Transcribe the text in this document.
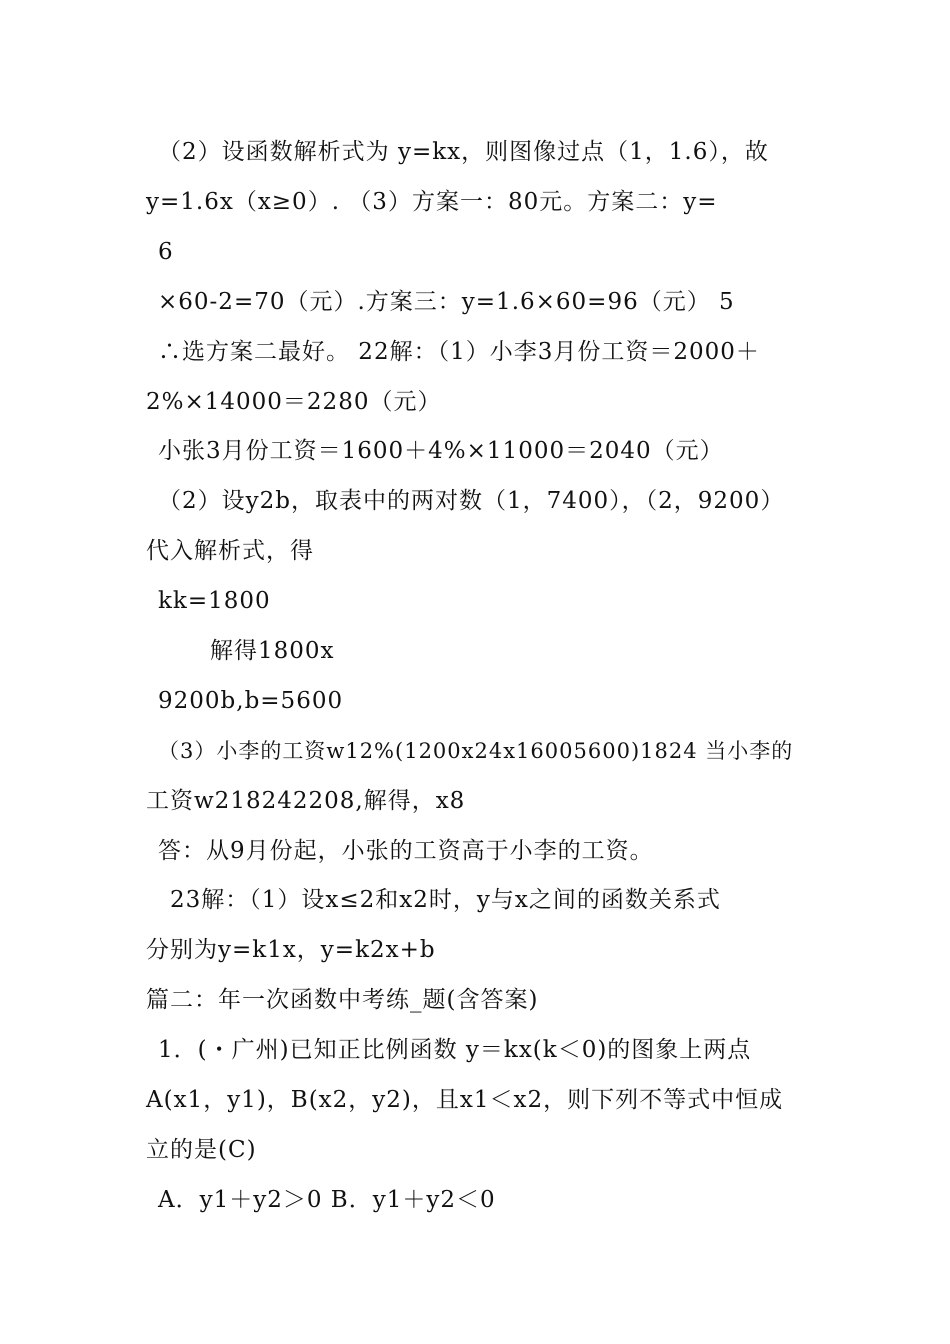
（2）设函数解析式为 y=kx，则图像过点（1，1.6），故
y=1.6x（x≥0）. （3）方案一：80元。方案二：y=
6
×60-2=70（元）.方案三：y=1.6×60=96（元） 5
∴选方案二最好。 22解：（1）小李3月份工资＝2000＋
2%×14000＝2280（元）
小张3月份工资＝1600＋4%×11000＝2040（元）
（2）设y2b，取表中的两对数（1，7400），（2，9200）
代入解析式，得
kk=1800
解得1800x
9200b,b=5600
（3）小李的工资w12%(1200x24x16005600)1824 当小李的
工资w218242208,解得，x8
答：从9月份起，小张的工资高于小李的工资。
23解：（1）设x≤2和x2时，y与x之间的函数关系式
分别为y=k1x，y=k2x+b
篇二：年一次函数中考练_题(含答案)
1．(・广州)已知正比例函数 y＝kx(k＜0)的图象上两点
A(x1，y1)，B(x2，y2)，且x1＜x2，则下列不等式中恒成
立的是(C)
A．y1＋y2＞0 B．y1＋y2＜0
